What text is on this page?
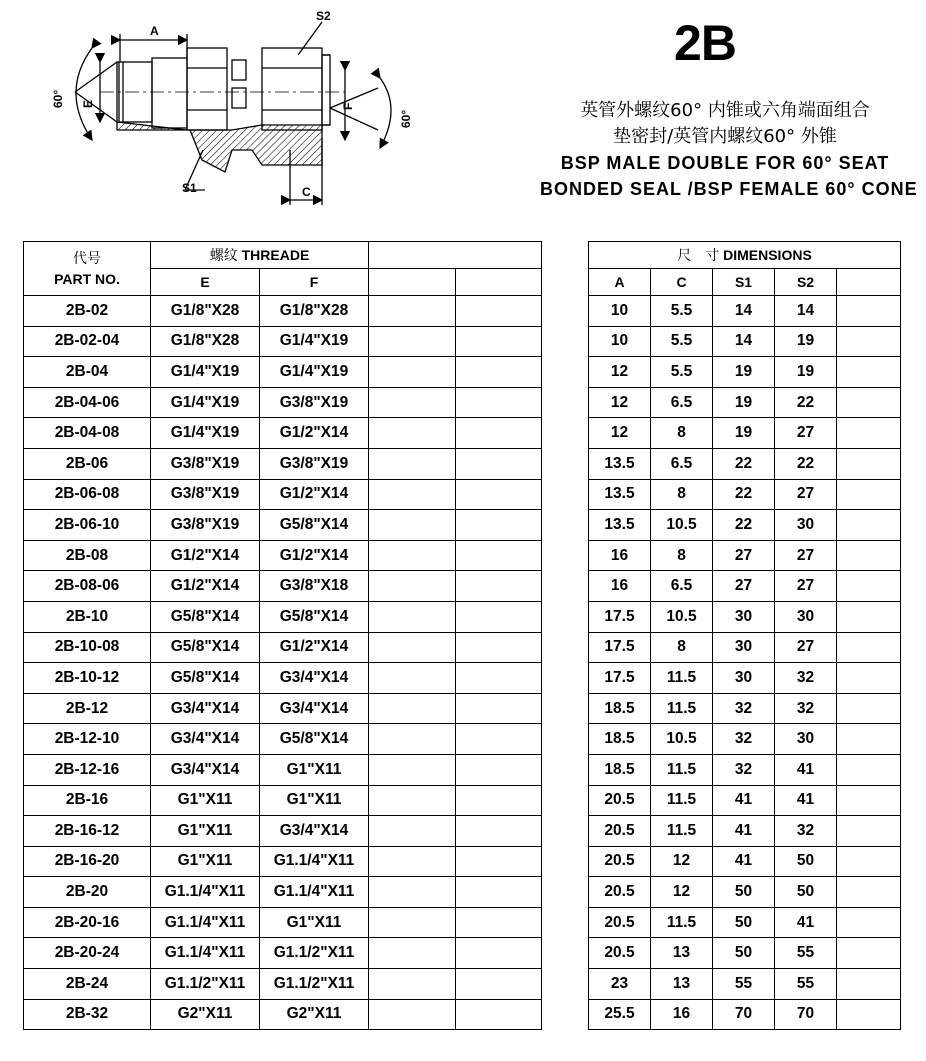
A
S2
E	F
S1	C
60°
60°
2B
英管外螺纹60° 内锥或六角端面组合
垫密封/英管内螺纹60° 外锥
BSP MALE DOUBLE FOR 60° SEAT
BONDED SEAL /BSP FEMALE 60° CONE
代号
PART NO.	螺纹 THREADE			
	E	F		
2B-02	G1/8"X28	G1/8"X28		
2B-02-04	G1/8"X28	G1/4"X19		
2B-04	G1/4"X19	G1/4"X19		
2B-04-06	G1/4"X19	G3/8"X19		
2B-04-08	G1/4"X19	G1/2"X14		
2B-06	G3/8"X19	G3/8"X19		
2B-06-08	G3/8"X19	G1/2"X14		
2B-06-10	G3/8"X19	G5/8"X14		
2B-08	G1/2"X14	G1/2"X14		
2B-08-06	G1/2"X14	G3/8"X18		
2B-10	G5/8"X14	G5/8"X14		
2B-10-08	G5/8"X14	G1/2"X14		
2B-10-12	G5/8"X14	G3/4"X14		
2B-12	G3/4"X14	G3/4"X14		
2B-12-10	G3/4"X14	G5/8"X14		
2B-12-16	G3/4"X14	G1"X11		
2B-16	G1"X11	G1"X11		
2B-16-12	G1"X11	G3/4"X14		
2B-16-20	G1"X11	G1.1/4"X11		
2B-20	G1.1/4"X11	G1.1/4"X11		
2B-20-16	G1.1/4"X11	G1"X11		
2B-20-24	G1.1/4"X11	G1.1/2"X11		
2B-24	G1.1/2"X11	G1.1/2"X11		
2B-32	G2"X11	G2"X11		
尺　寸 DIMENSIONS				
A	C	S1	S2	
10	5.5	14	14	
10	5.5	14	19	
12	5.5	19	19	
12	6.5	19	22	
12	8	19	27	
13.5	6.5	22	22	
13.5	8	22	27	
13.5	10.5	22	30	
16	8	27	27	
16	6.5	27	27	
17.5	10.5	30	30	
17.5	8	30	27	
17.5	11.5	30	32	
18.5	11.5	32	32	
18.5	10.5	32	30	
18.5	11.5	32	41	
20.5	11.5	41	41	
20.5	11.5	41	32	
20.5	12	41	50	
20.5	12	50	50	
20.5	11.5	50	41	
20.5	13	50	55	
23	13	55	55	
25.5	16	70	70	
